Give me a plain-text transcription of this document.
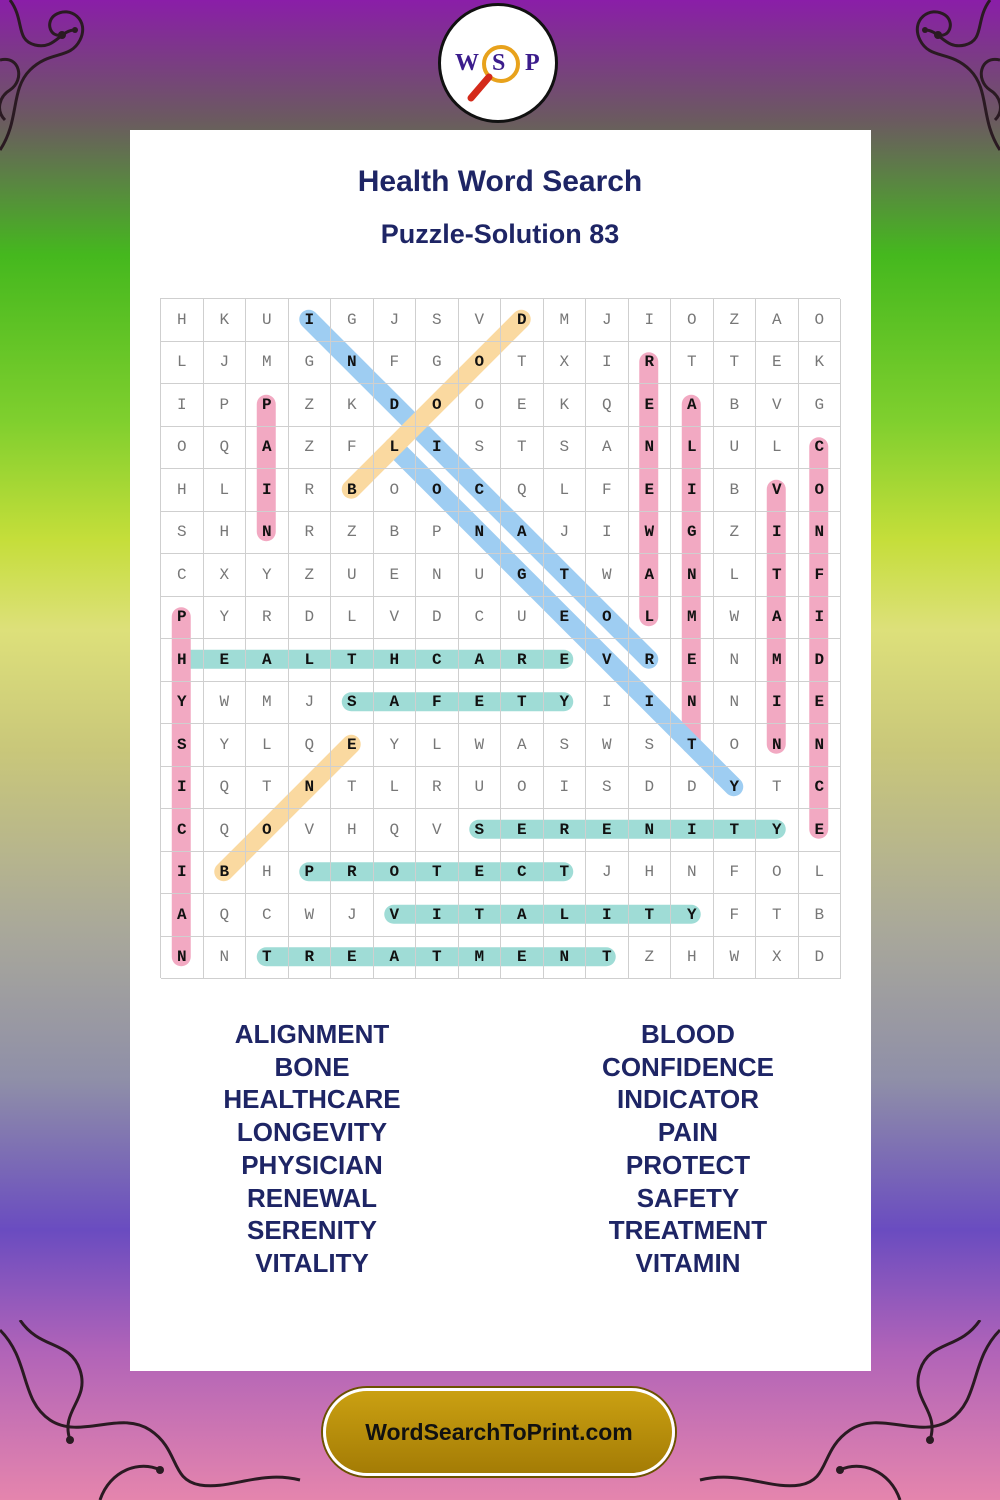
W S P
Health Word Search
Puzzle-Solution 83
H	K	U	I	G	J	S	V	D	M	J	I	O	Z	A	O
L	J	M	G	N	F	G	O	T	X	I	R	T	T	E	K
I	P	P	Z	K	D	O	O	E	K	Q	E	A	B	V	G
O	Q	A	Z	F	L	I	S	T	S	A	N	L	U	L	C
H	L	I	R	B	O	O	C	Q	L	F	E	I	B	V	O
S	H	N	R	Z	B	P	N	A	J	I	W	G	Z	I	N
C	X	Y	Z	U	E	N	U	G	T	W	A	N	L	T	F
P	Y	R	D	L	V	D	C	U	E	O	L	M	W	A	I
H	E	A	L	T	H	C	A	R	E	V	R	E	N	M	D
Y	W	M	J	S	A	F	E	T	Y	I	I	N	N	I	E
S	Y	L	Q	E	Y	L	W	A	S	W	S	T	O	N	N
I	Q	T	N	T	L	R	U	O	I	S	D	D	Y	T	C
C	Q	O	V	H	Q	V	S	E	R	E	N	I	T	Y	E
I	B	H	P	R	O	T	E	C	T	J	H	N	F	O	L
A	Q	C	W	J	V	I	T	A	L	I	T	Y	F	T	B
N	N	T	R	E	A	T	M	E	N	T	Z	H	W	X	D
ALIGNMENT
BONE
HEALTHCARE
LONGEVITY
PHYSICIAN
RENEWAL
SERENITY
VITALITY
BLOOD
CONFIDENCE
INDICATOR
PAIN
PROTECT
SAFETY
TREATMENT
VITAMIN
WordSearchToPrint.com
